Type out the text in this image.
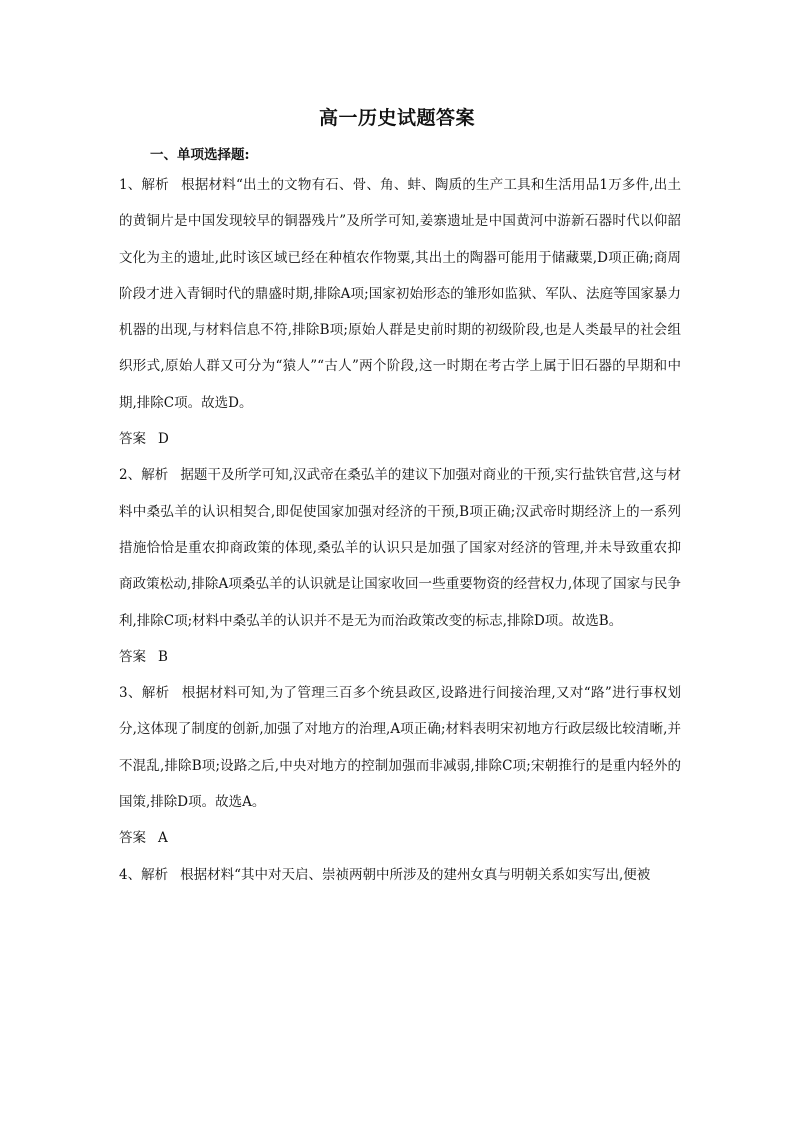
高一历史试题答案
一、单项选择题:

1、解析 根据材料“出土的文物有石、骨、角、蚌、陶质的生产工具和生活用品1万多件,出土的黄铜片是中国发现较早的铜器残片”及所学可知,姜寨遗址是中国黄河中游新石器时代以仰韶文化为主的遗址,此时该区域已经在种植农作物粟,其出土的陶器可能用于储藏粟,D项正确;商周阶段才进入青铜时代的鼎盛时期,排除A项;国家初始形态的雏形如监狱、军队、法庭等国家暴力机器的出现,与材料信息不符,排除B项;原始人群是史前时期的初级阶段,也是人类最早的社会组织形式,原始人群又可分为“猿人”“古人”两个阶段,这一时期在考古学上属于旧石器的早期和中期,排除C项。故选D。

答案 D

2、解析 据题干及所学可知,汉武帝在桑弘羊的建议下加强对商业的干预,实行盐铁官营,这与材料中桑弘羊的认识相契合,即促使国家加强对经济的干预,B项正确;汉武帝时期经济上的一系列措施恰恰是重农抑商政策的体现,桑弘羊的认识只是加强了国家对经济的管理,并未导致重农抑商政策松动,排除A项桑弘羊的认识就是让国家收回一些重要物资的经营权力,体现了国家与民争利,排除C项;材料中桑弘羊的认识并不是无为而治政策改变的标志,排除D项。故选B。

答案 B

3、解析 根据材料可知,为了管理三百多个统县政区,设路进行间接治理,又对“路”进行事权划分,这体现了制度的创新,加强了对地方的治理,A项正确;材料表明宋初地方行政层级比较清晰,并不混乱,排除B项;设路之后,中央对地方的控制加强而非减弱,排除C项;宋朝推行的是重内轻外的国策,排除D项。故选A。

答案 A

4、解析 根据材料“其中对天启、崇祯两朝中所涉及的建州女真与明朝关系如实写出,便被
